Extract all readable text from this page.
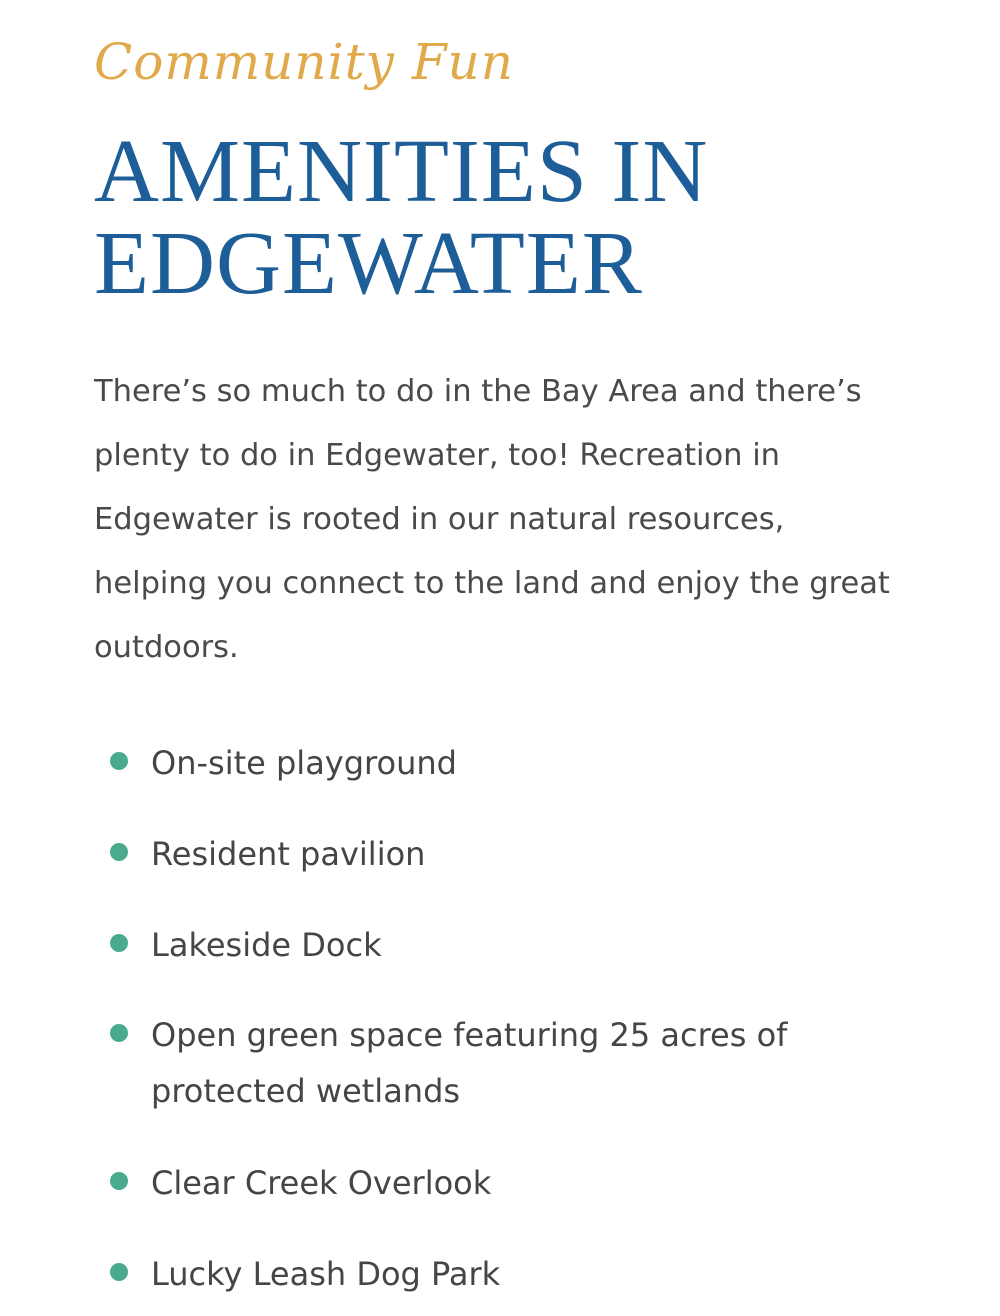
Community Fun

AMENITIES IN EDGEWATER

There’s so much to do in the Bay Area and there’s plenty to do in Edgewater, too! Recreation in Edgewater is rooted in our natural resources, helping you connect to the land and enjoy the great outdoors.

On-site playground
Resident pavilion
Lakeside Dock
Open green space featuring 25 acres of protected wetlands
Clear Creek Overlook
Lucky Leash Dog Park
